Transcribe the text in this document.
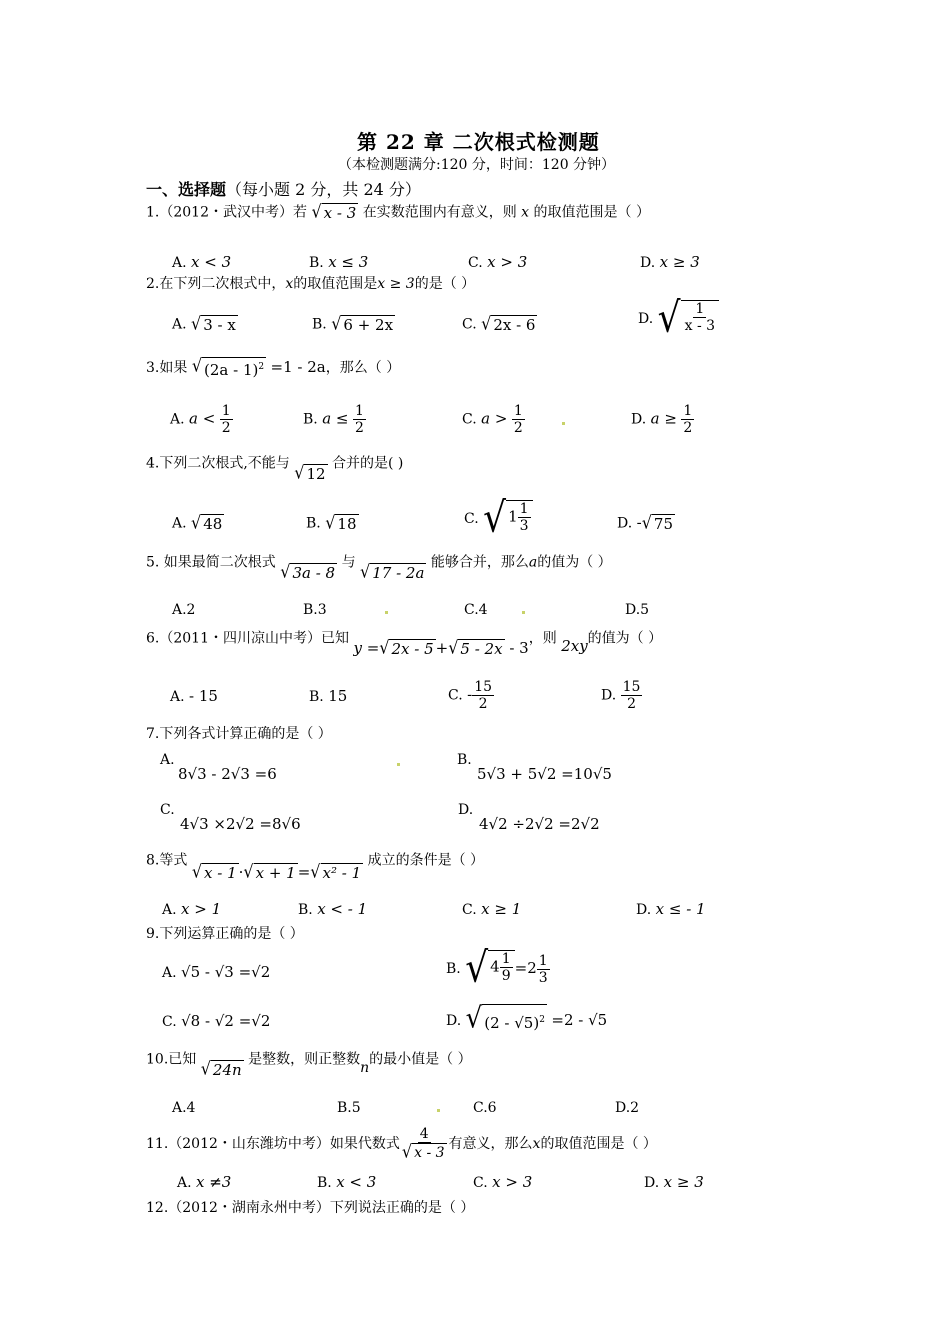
第 22 章 二次根式检测题
（本检测题满分:120 分，时间：120 分钟）
一、选择题（每小题 2 分，共 24 分）
1.（2012・武汉中考）若 √ x - 3 在实数范围内有意义，则 x 的取值范围是（ ）
A. x < 3	B. x ≤ 3	C. x > 3	D. x ≥ 3
2.在下列二次根式中，x的取值范围是x ≥ 3的是（ ）
A. √ 3 - x	B. √ 6 + 2x	C. √ 2x - 6	D. √ $\frac{1}{x - 3}$
3.如果 √ (2a - 1)$^2$ =1 - 2a，那么（ ）
A. $a < \frac{1}{2}$	B. $a \le \frac{1}{2}$	C. $a > \frac{1}{2}$	D. $a \ge \frac{1}{2}$
4.下列二次根式,不能与 √ 12
合并的是( )
A. √ 48	B. √ 18	C. √ $1 \frac{1}{3}$	D. - √ 75
5. 如果最简二次根式 √ 3a - 8
与 √ 17 - 2a
能够合并，那么a的值为（ ）
A.2	B.3	C.4	D.5
6.（2011・四川凉山中考）已知 y = √ 2x - 5 + √ 5 - 2x - 3，则 2xy的值为（ ）
A. - 15	B. 15	C. - $\frac{15}{2}$	D. $\frac{15}{2}$
7.下列各式计算正确的是（ ）
A.
8√3 - 2√3 =6
B.
5√3 + 5√2 =10√5
C.
4√3 ×2√2 =8√6
D.
4√2 ÷2√2 =2√2
8.等式
√ x - 1 · √ x + 1 = √ x² - 1
成立的条件是（ ）
A. x > 1	B. x < - 1	C. x ≥ 1	D. x ≤ - 1
9.下列运算正确的是（ ）
A. √5 - √3 =√2	B. √ $4 \frac{1}{9} =2 \frac{1}{3}$
C. √8 - √2 =√2	D. √ (2 - √5)$^2$ =2 - √5
10.已知 √ 24n
是整数，则正整数n的最小值是（ ）
A.4	B.5	C.6	D.2
11.（2012・山东潍坊中考）如果代数式 $\frac{4}{√ x - 3}$ 有意义，那么x的取值范围是（ ）
A. x ≠3	B. x < 3	C. x > 3	D. x ≥ 3
12.（2012・湖南永州中考）下列说法正确的是（ ）
